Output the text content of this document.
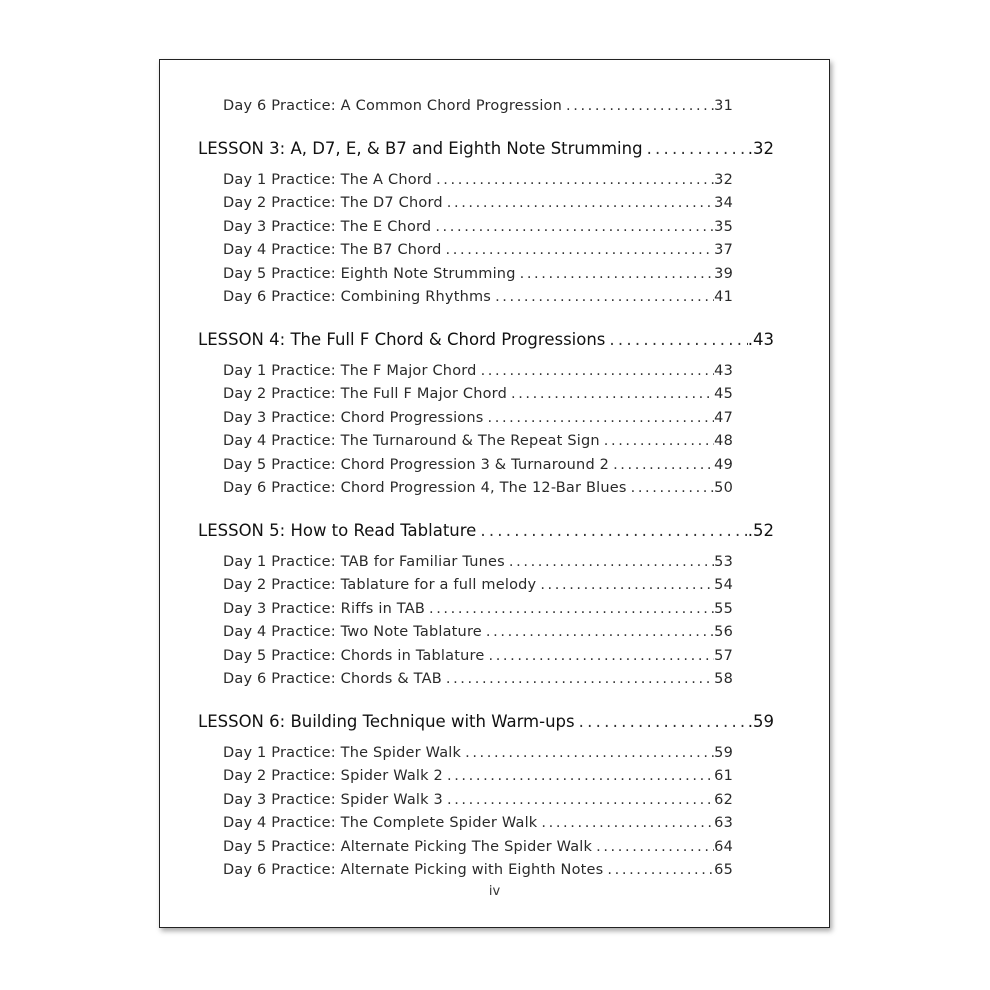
Day 6 Practice: A Common Chord Progression . . .	31
LESSON 3: A, D7, E, & B7 and Eighth Note Strumming . . .	.32
Day 1 Practice: The A Chord . . .	32
Day 2 Practice: The D7 Chord . . .	34
Day 3 Practice: The E Chord . . .	35
Day 4 Practice: The B7 Chord . . .	37
Day 5 Practice: Eighth Note Strumming . . .	39
Day 6 Practice: Combining Rhythms . . .	41
LESSON 4: The Full F Chord & Chord Progressions . . .	.43
Day 1 Practice: The F Major Chord . . .	43
Day 2 Practice: The Full F Major Chord . . .	45
Day 3 Practice: Chord Progressions . . .	47
Day 4 Practice: The Turnaround & The Repeat Sign . . .	48
Day 5 Practice: Chord Progression 3 & Turnaround 2 . . .	49
Day 6 Practice: Chord Progression 4, The 12-Bar Blues . . .	50
LESSON 5: How to Read Tablature . . .	.52
Day 1 Practice: TAB for Familiar Tunes . . .	53
Day 2 Practice: Tablature for a full melody . . .	54
Day 3 Practice: Riffs in TAB . . .	55
Day 4 Practice: Two Note Tablature . . .	56
Day 5 Practice: Chords in Tablature . . .	57
Day 6 Practice: Chords & TAB . . .	58
LESSON 6: Building Technique with Warm-ups . . .	.59
Day 1 Practice: The Spider Walk . . .	59
Day 2 Practice: Spider Walk 2 . . .	61
Day 3 Practice: Spider Walk 3 . . .	62
Day 4 Practice: The Complete Spider Walk . . .	63
Day 5 Practice: Alternate Picking The Spider Walk . . .	64
Day 6 Practice: Alternate Picking with Eighth Notes . . .	65
iv
